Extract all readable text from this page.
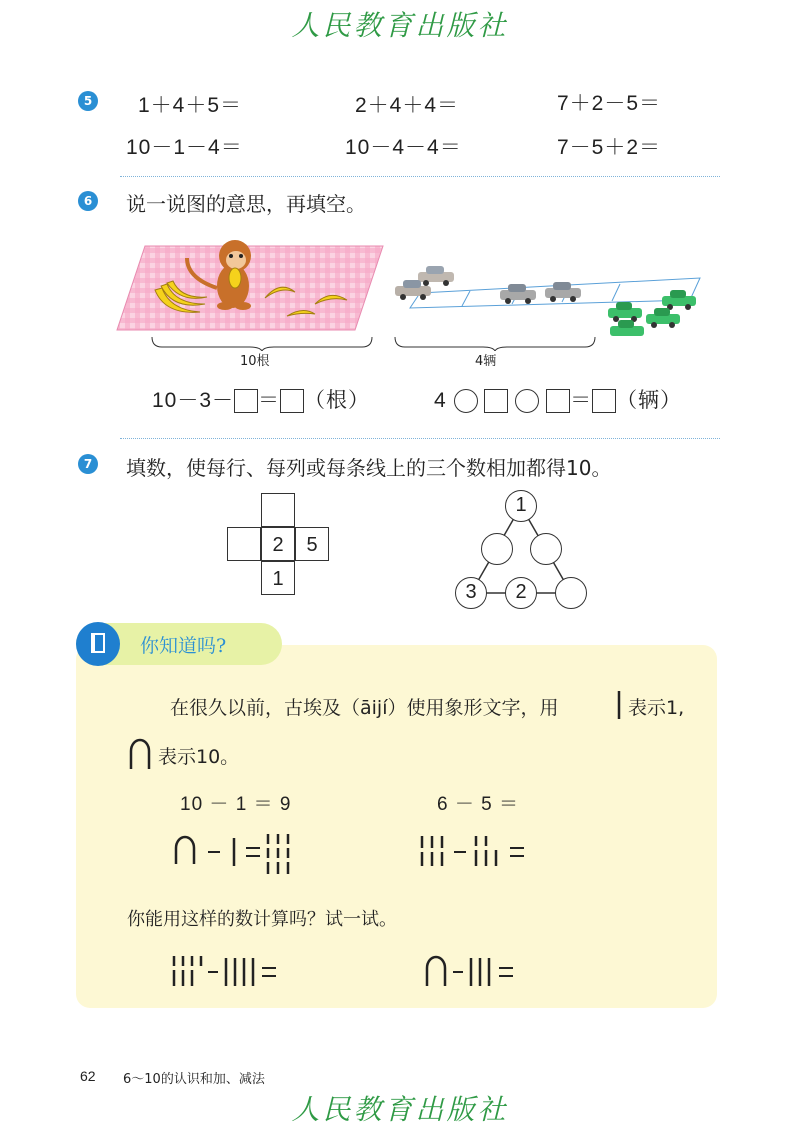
人民教育出版社
5 1＋4＋5＝	2＋4＋4＝	7＋2－5＝
10－1－4＝	10－4－4＝	7－5＋2＝
6 说一说图的意思，再填空。
10根	4辆
10－3－ ＝ （根）	4	＝ （辆）
7 填数，使每行、每列或每条线上的三个数相加都得10。
2	5
1
1
3	2
你知道吗?
在很久以前，古埃及（āijí）使用象形文字，用	表示1,
表示10。
10 － 1 ＝ 9	6 － 5 ＝
你能用这样的数计算吗？试一试。
62 6～10的认识和加、减法
人民教育出版社
